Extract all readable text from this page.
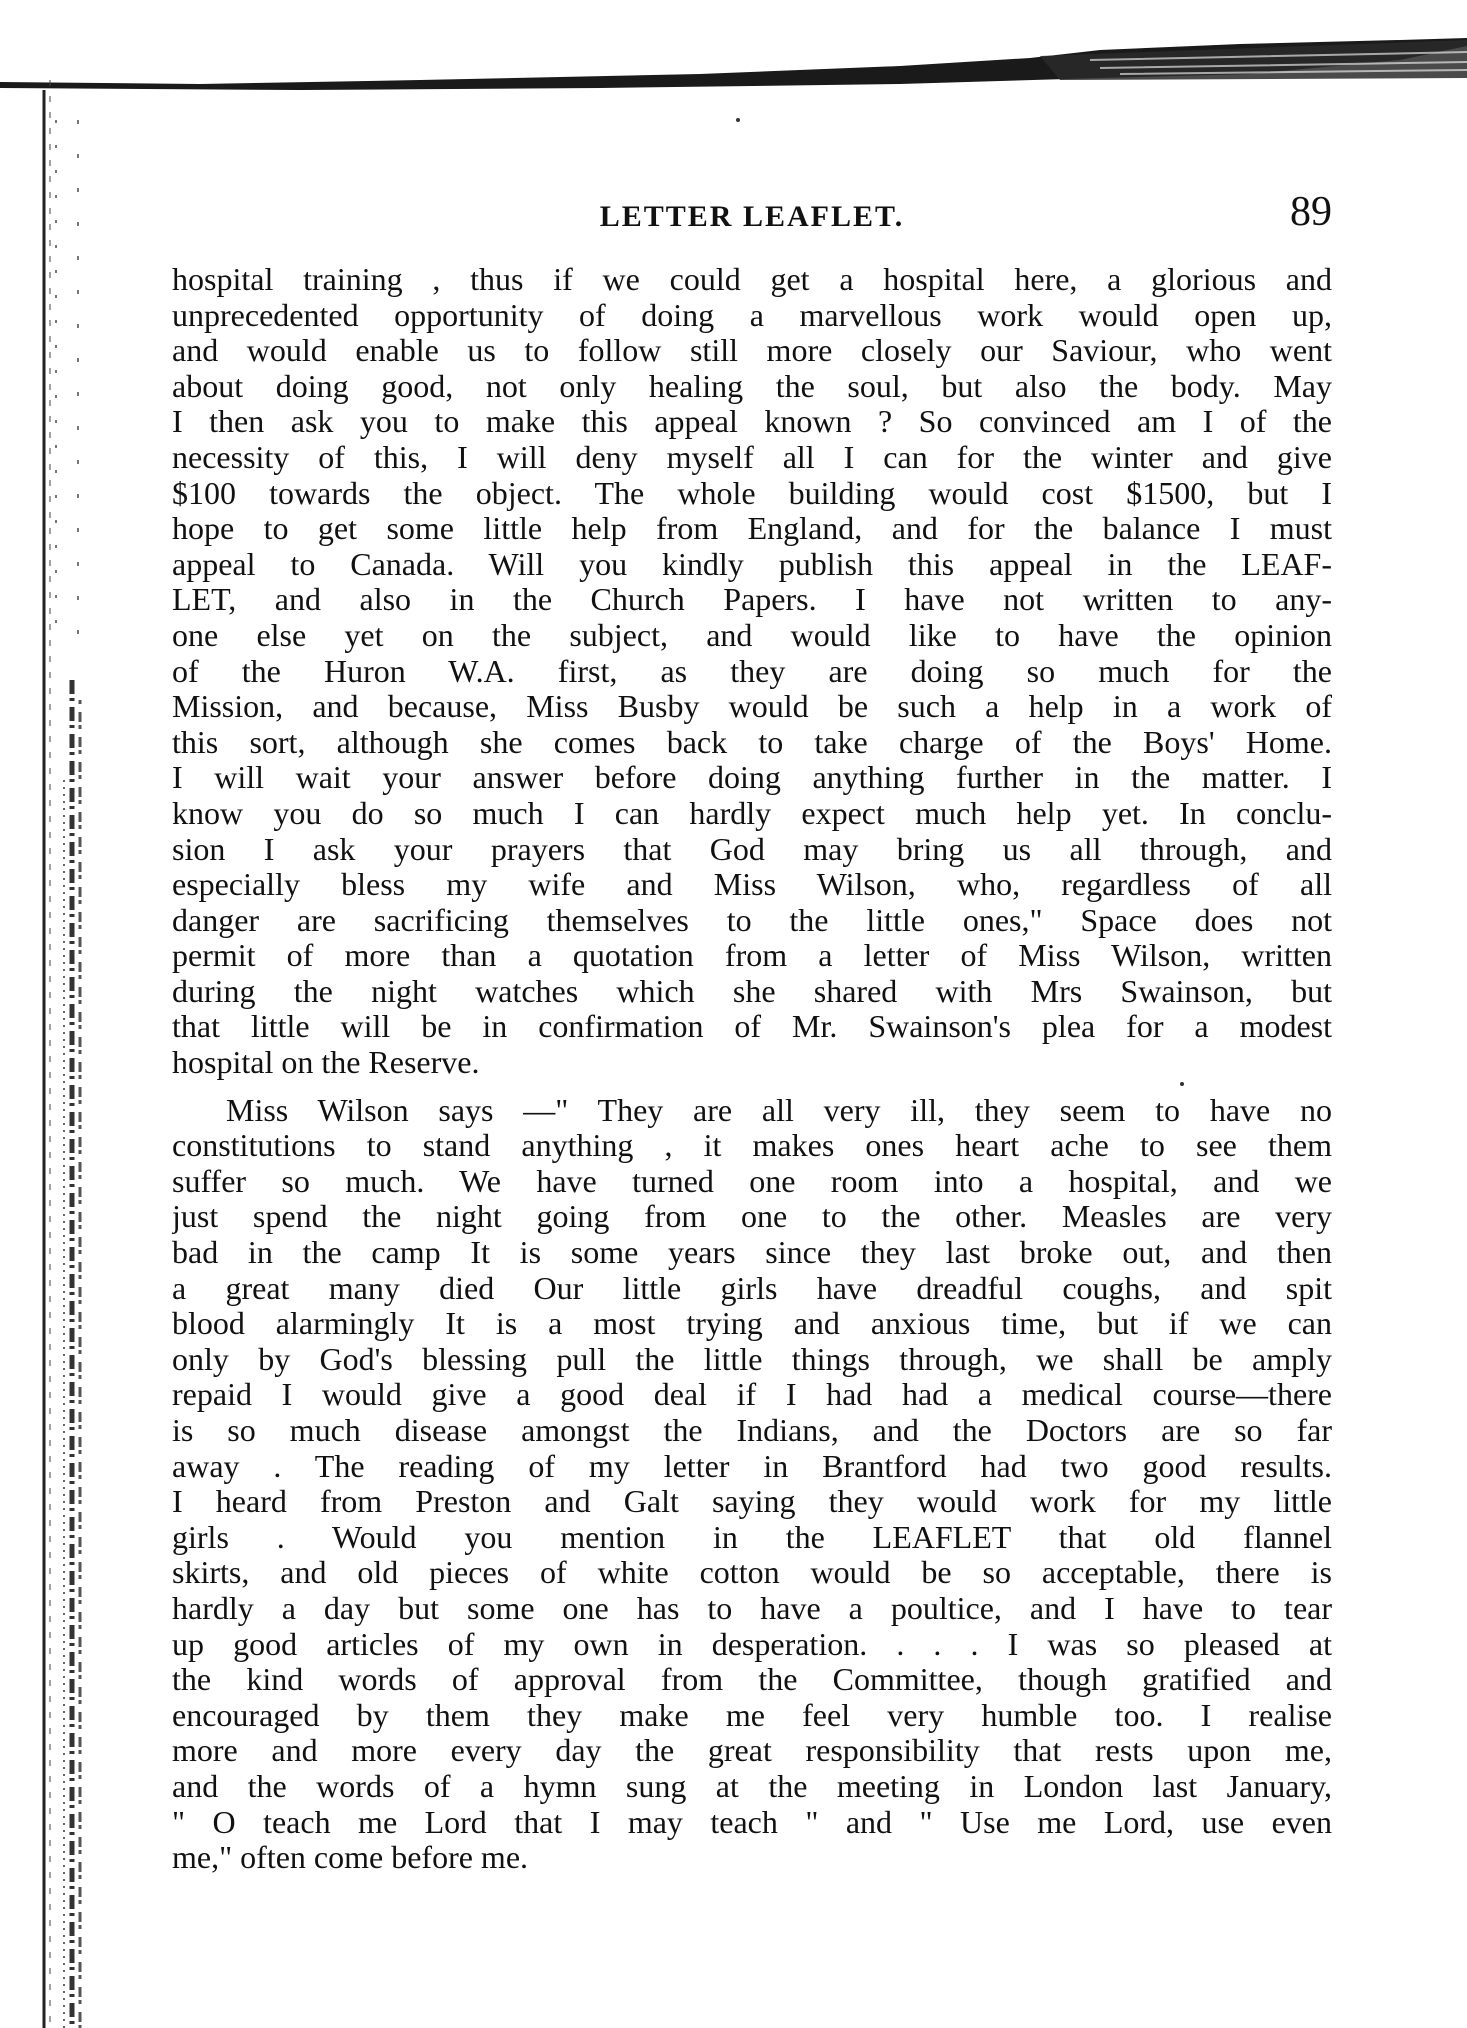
LETTER LEAFLET.	89
hospital training , thus if we could get a hospital here, a glorious and
unprecedented opportunity of doing a marvellous work would open up,
and would enable us to follow still more closely our Saviour, who went
about doing good, not only healing the soul, but also the body. May
I then ask you to make this appeal known ? So convinced am I of the
necessity of this, I will deny myself all I can for the winter and give
$100 towards the object. The whole building would cost $1500, but I
hope to get some little help from England, and for the balance I must
appeal to Canada. Will you kindly publish this appeal in the LEAF-
LET, and also in the Church Papers. I have not written to any-
one else yet on the subject, and would like to have the opinion
of the Huron W.A. first, as they are doing so much for the
Mission, and because, Miss Busby would be such a help in a work of
this sort, although she comes back to take charge of the Boys' Home.
I will wait your answer before doing anything further in the matter. I
know you do so much I can hardly expect much help yet. In conclu-
sion I ask your prayers that God may bring us all through, and
especially bless my wife and Miss Wilson, who, regardless of all
danger are sacrificing themselves to the little ones," Space does not
permit of more than a quotation from a letter of Miss Wilson, written
during the night watches which she shared with Mrs Swainson, but
that little will be in confirmation of Mr. Swainson's plea for a modest
hospital on the Reserve.
Miss Wilson says —" They are all very ill, they seem to have no
constitutions to stand anything , it makes ones heart ache to see them
suffer so much. We have turned one room into a hospital, and we
just spend the night going from one to the other. Measles are very
bad in the camp It is some years since they last broke out, and then
a great many died Our little girls have dreadful coughs, and spit
blood alarmingly It is a most trying and anxious time, but if we can
only by God's blessing pull the little things through, we shall be amply
repaid I would give a good deal if I had had a medical course—there
is so much disease amongst the Indians, and the Doctors are so far
away . The reading of my letter in Brantford had two good results.
I heard from Preston and Galt saying they would work for my little
girls . Would you mention in the LEAFLET that old flannel
skirts, and old pieces of white cotton would be so acceptable, there is
hardly a day but some one has to have a poultice, and I have to tear
up good articles of my own in desperation. . . . I was so pleased at
the kind words of approval from the Committee, though gratified and
encouraged by them they make me feel very humble too. I realise
more and more every day the great responsibility that rests upon me,
and the words of a hymn sung at the meeting in London last January,
" O teach me Lord that I may teach " and " Use me Lord, use even
me," often come before me.
